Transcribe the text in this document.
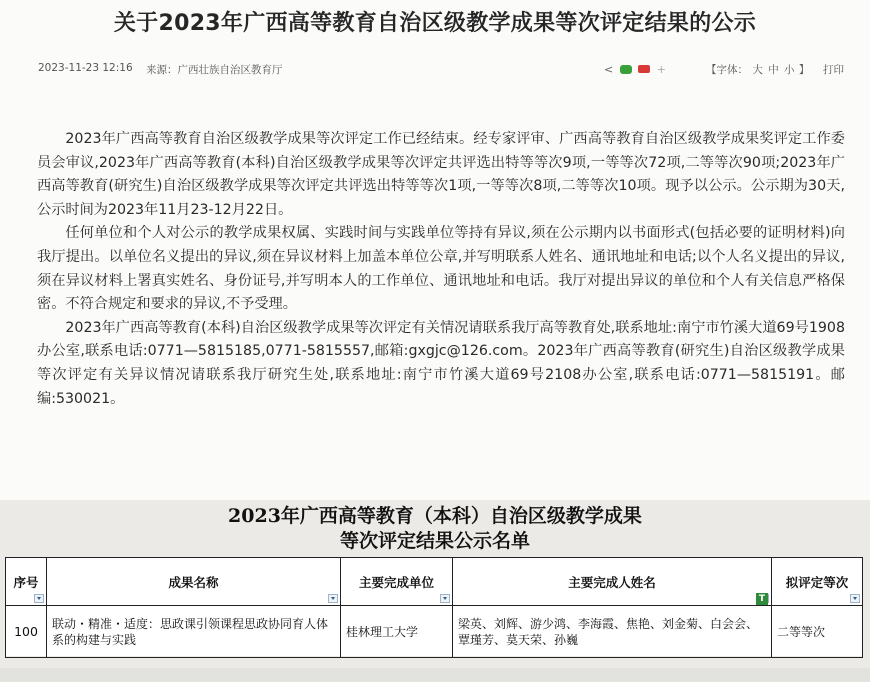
关于2023年广西高等教育自治区级教学成果等次评定结果的公示
2023-11-23 12:16 来源：广西壮族自治区教育厅	<	+	【字体： 大 中 小 】 打印

2023年广西高等教育自治区级教学成果等次评定工作已经结束。经专家评审、广西高等教育自治区级教学成果奖评定工作委员会审议,2023年广西高等教育(本科)自治区级教学成果等次评定共评选出特等等次9项,一等等次72项,二等等次90项;2023年广西高等教育(研究生)自治区级教学成果等次评定共评选出特等等次1项,一等等次8项,二等等次10项。现予以公示。公示期为30天,公示时间为2023年11月23-12月22日。

任何单位和个人对公示的教学成果权属、实践时间与实践单位等持有异议,须在公示期内以书面形式(包括必要的证明材料)向我厅提出。以单位名义提出的异议,须在异议材料上加盖本单位公章,并写明联系人姓名、通讯地址和电话;以个人名义提出的异议,须在异议材料上署真实姓名、身份证号,并写明本人的工作单位、通讯地址和电话。我厅对提出异议的单位和个人有关信息严格保密。不符合规定和要求的异议,不予受理。

2023年广西高等教育(本科)自治区级教学成果等次评定有关情况请联系我厅高等教育处,联系地址:南宁市竹溪大道69号1908办公室,联系电话:0771—5815185,0771-5815557,邮箱:gxgjc@126.com。2023年广西高等教育(研究生)自治区级教学成果等次评定有关异议情况请联系我厅研究生处,联系地址:南宁市竹溪大道69号2108办公室,联系电话:0771—5815191。邮编:530021。

2023年广西高等教育（本科）自治区级教学成果
等次评定结果公示名单
序号	成果名称	主要完成单位	主要完成人姓名	拟评定等次

100	联动・精准・适度：思政课引领课程思政协同育人体系的构建与实践	桂林理工大学	梁英、刘辉、游少鸿、李海霞、焦艳、刘金菊、白会会、覃瑾芳、莫天荣、孙巍	二等等次
T
